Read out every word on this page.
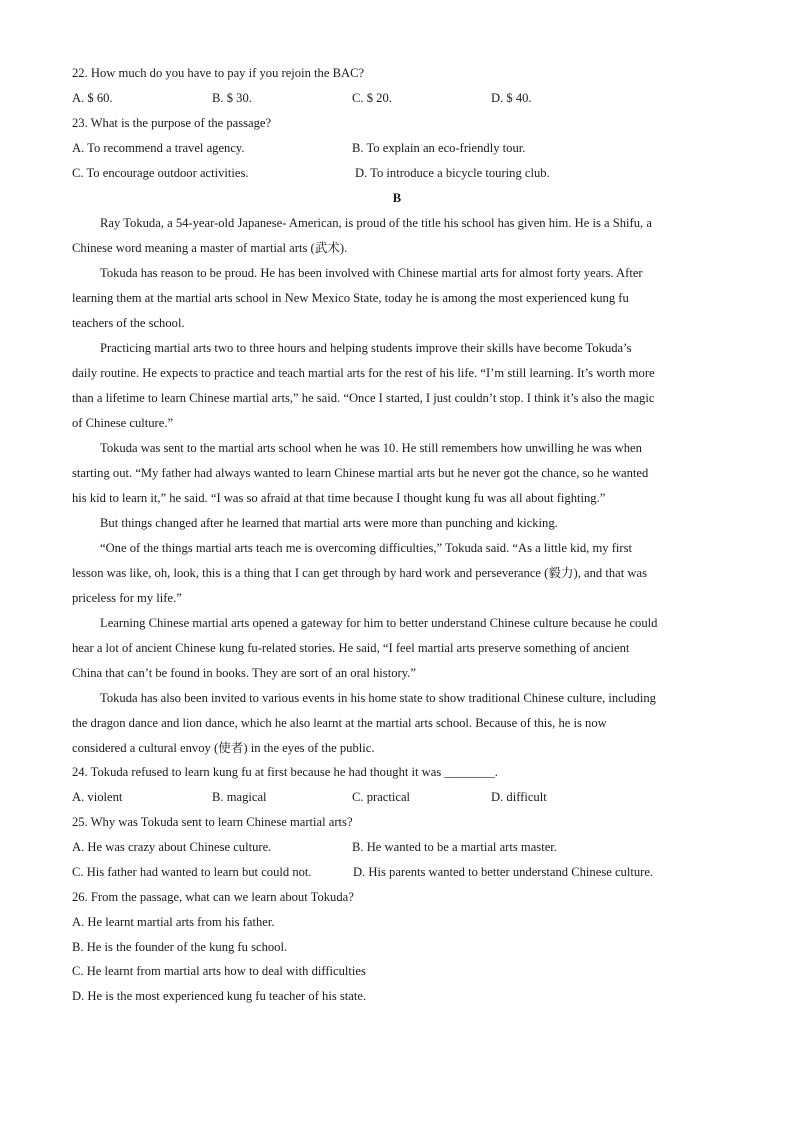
22. How much do you have to pay if you rejoin the BAC?
A. $ 60.	B. $ 30.	C. $ 20.	D. $ 40.
23. What is the purpose of the passage?
A. To recommend a travel agency.	B. To explain an eco-friendly tour.
C. To encourage outdoor activities.	D. To introduce a bicycle touring club.
B
Ray Tokuda, a 54-year-old Japanese- American, is proud of the title his school has given him. He is a Shifu, a
Chinese word meaning a master of martial arts (武术).
Tokuda has reason to be proud. He has been involved with Chinese martial arts for almost forty years. After
learning them at the martial arts school in New Mexico State, today he is among the most experienced kung fu
teachers of the school.
Practicing martial arts two to three hours and helping students improve their skills have become Tokuda’s
daily routine. He expects to practice and teach martial arts for the rest of his life. “I’m still learning. It’s worth more
than a lifetime to learn Chinese martial arts,” he said. “Once I started, I just couldn’t stop. I think it’s also the magic
of Chinese culture.”
Tokuda was sent to the martial arts school when he was 10. He still remembers how unwilling he was when
starting out. “My father had always wanted to learn Chinese martial arts but he never got the chance, so he wanted
his kid to learn it,” he said. “I was so afraid at that time because I thought kung fu was all about fighting.”
But things changed after he learned that martial arts were more than punching and kicking.
“One of the things martial arts teach me is overcoming difficulties,” Tokuda said. “As a little kid, my first
lesson was like, oh, look, this is a thing that I can get through by hard work and perseverance (毅力), and that was
priceless for my life.”
Learning Chinese martial arts opened a gateway for him to better understand Chinese culture because he could
hear a lot of ancient Chinese kung fu-related stories. He said, “I feel martial arts preserve something of ancient
China that can’t be found in books. They are sort of an oral history.”
Tokuda has also been invited to various events in his home state to show traditional Chinese culture, including
the dragon dance and lion dance, which he also learnt at the martial arts school. Because of this, he is now
considered a cultural envoy (使者) in the eyes of the public.
24. Tokuda refused to learn kung fu at first because he had thought it was ________.
A. violent	B. magical	C. practical	D. difficult
25. Why was Tokuda sent to learn Chinese martial arts?
A. He was crazy about Chinese culture.	B. He wanted to be a martial arts master.
C. His father had wanted to learn but could not.	D. His parents wanted to better understand Chinese culture.
26. From the passage, what can we learn about Tokuda?
A. He learnt martial arts from his father.
B. He is the founder of the kung fu school.
C. He learnt from martial arts how to deal with difficulties
D. He is the most experienced kung fu teacher of his state.
